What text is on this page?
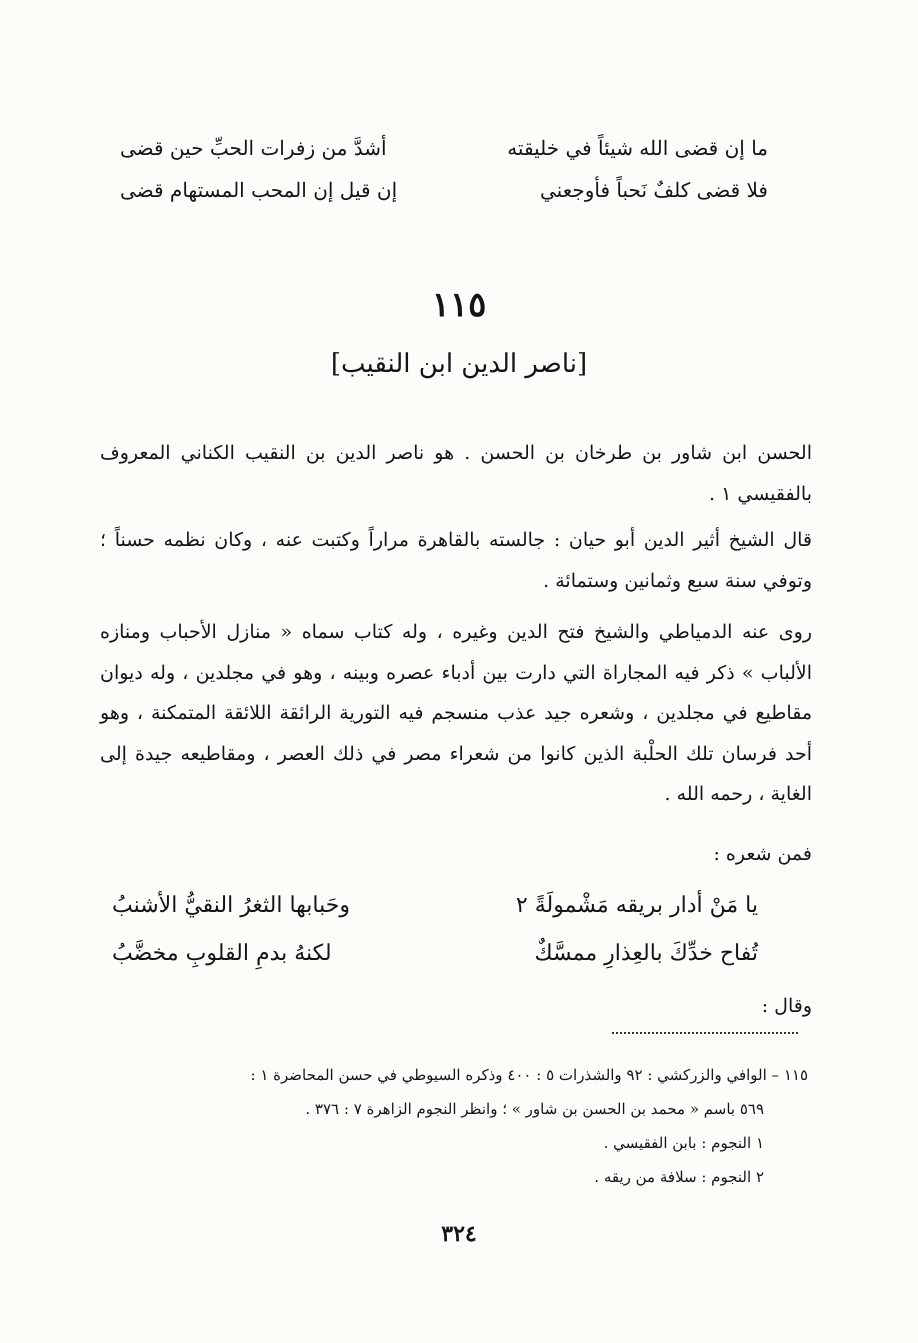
ما إن قضى الله شيئاً في خليقته
أشدَّ من زفرات الحبِّ حين قضى
فلا قضى كلفٌ نَحباً فأوجعني
إن قيل إن المحب المستهام قضى
١١٥
[ناصر الدين ابن النقيب]
الحسن ابن شاور بن طرخان بن الحسن . هو ناصر الدين بن النقيب الكناني المعروف بالفقيسي ١ .
قال الشيخ أثير الدين أبو حيان : جالسته بالقاهرة مراراً وكتبت عنه ، وكان نظمه حسناً ؛ وتوفي سنة سبع وثمانين وستمائة .
روى عنه الدمياطي والشيخ فتح الدين وغيره ، وله كتاب سماه « منازل الأحباب ومنازه الألباب » ذكر فيه المجاراة التي دارت بين أدباء عصره وبينه ، وهو في مجلدين ، وله ديوان مقاطيع في مجلدين ، وشعره جيد عذب منسجم فيه التورية الرائقة اللائقة المتمكنة ، وهو أحد فرسان تلك الحلْبة الذين كانوا من شعراء مصر في ذلك العصر ، ومقاطيعه جيدة إلى الغاية ، رحمه الله .
فمن شعره :
يا مَنْ أدار بريقه مَشْمولَةً ٢
وحَبابها الثغرُ النقيُّ الأشنبُ
تُفاح خدِّكَ بالعِذارِ ممسَّكٌ
لكنهُ بدمِ القلوبِ مخضَّبُ
وقال :
١١٥ – الوافي والزركشي : ٩٢ والشذرات ٥ : ٤٠٠ وذكره السيوطي في حسن المحاضرة ١ :
٥٦٩ باسم « محمد بن الحسن بن شاور » ؛ وانظر النجوم الزاهرة ٧ : ٣٧٦ .
١ النجوم : بابن الفقيسي .
٢ النجوم : سلافة من ريقه .
٣٢٤
